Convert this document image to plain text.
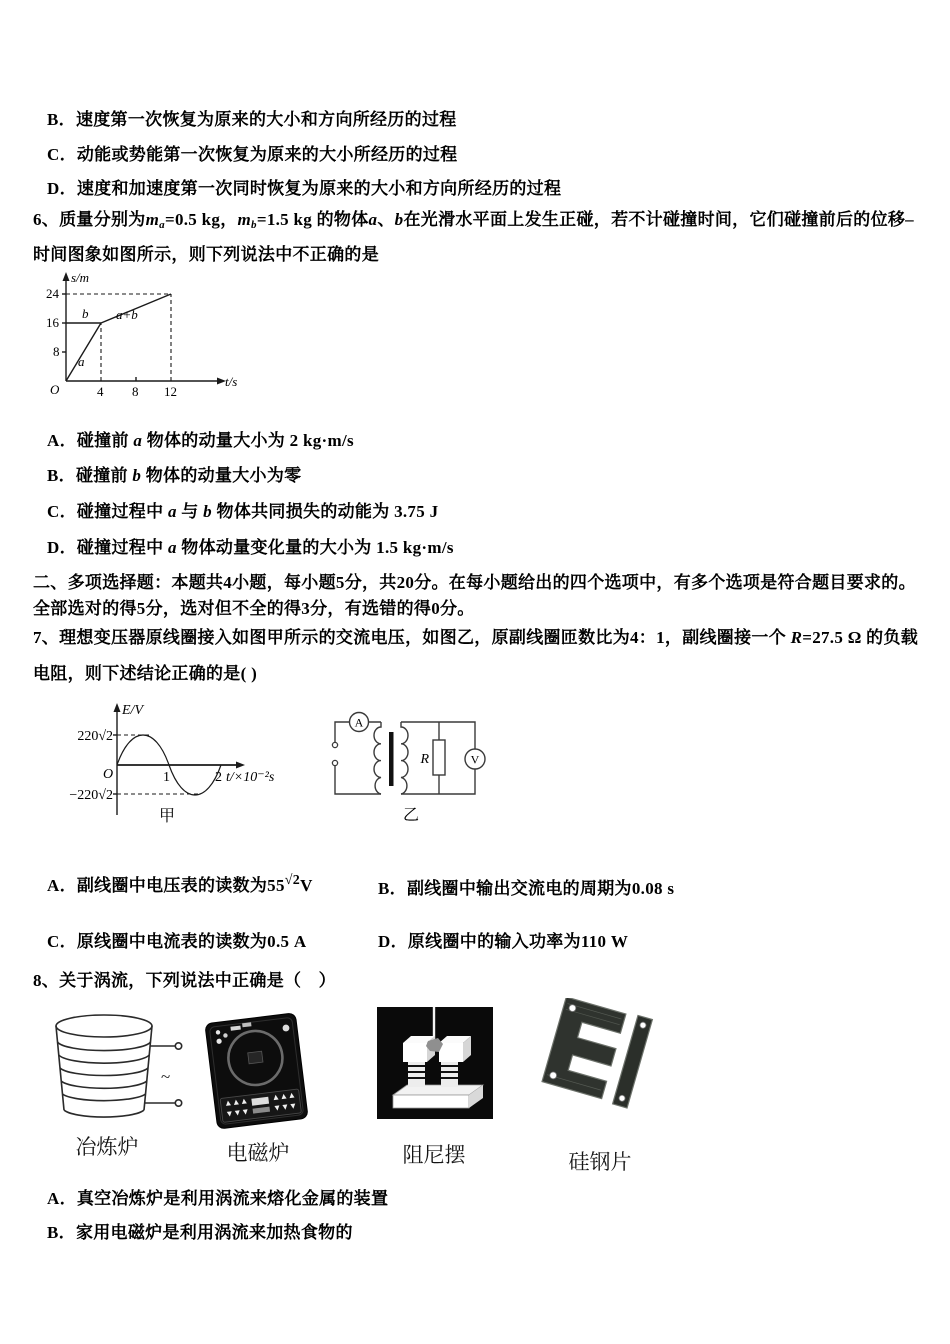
B．速度第一次恢复为原来的大小和方向所经历的过程
C．动能或势能第一次恢复为原来的大小所经历的过程
D．速度和加速度第一次同时恢复为原来的大小和方向所经历的过程
6、质量分别为ma=0.5 kg，mb=1.5 kg 的物体a、b在光滑水平面上发生正碰，若不计碰撞时间，它们碰撞前后的位移–
时间图象如图所示，则下列说法中不正确的是
s/m
t/s
O
24
16
8
4 8 12
a
b a+b
A．碰撞前 a 物体的动量大小为 2 kg·m/s
B．碰撞前 b 物体的动量大小为零
C．碰撞过程中 a 与 b 物体共同损失的动能为 3.75 J
D．碰撞过程中 a 物体动量变化量的大小为 1.5 kg·m/s
二、多项选择题：本题共4小题，每小题5分，共20分。在每小题给出的四个选项中，有多个选项是符合题目要求的。
全部选对的得5分，选对但不全的得3分，有选错的得0分。
7、理想变压器原线圈接入如图甲所示的交流电压，如图乙，原副线圈匝数比为4：1，副线圈接一个 R=27.5 Ω 的负载
电阻，则下述结论正确的是( )
E/V
220√2
−220√2
O	1	2 t/×10⁻²s
甲
A
V
R
乙
A．副线圈中电压表的读数为$55^{√2}V$	B．副线圈中输出交流电的周期为0.08 s
C．原线圈中电流表的读数为0.5 A	D．原线圈中的输入功率为110 W
8、关于涡流，下列说法中正确是（　）
~
冶炼炉	电磁炉	阻尼摆	硅钢片
A．真空冶炼炉是利用涡流来熔化金属的装置
B．家用电磁炉是利用涡流来加热食物的
